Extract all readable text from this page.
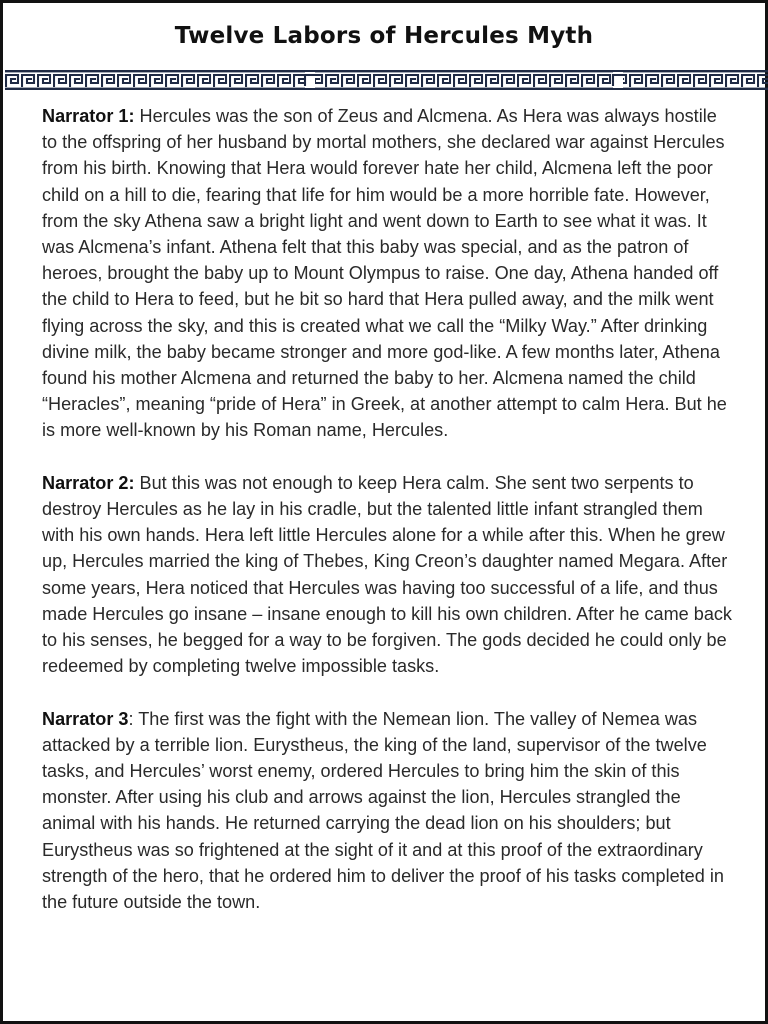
Twelve Labors of Hercules Myth

Narrator 1: Hercules was the son of Zeus and Alcmena. As Hera was always hostile to the offspring of her husband by mortal mothers, she declared war against Hercules from his birth. Knowing that Hera would forever hate her child, Alcmena left the poor child on a hill to die, fearing that life for him would be a more horrible fate. However, from the sky Athena saw a bright light and went down to Earth to see what it was. It was Alcmena’s infant. Athena felt that this baby was special, and as the patron of heroes, brought the baby up to Mount Olympus to raise. One day, Athena handed off the child to Hera to feed, but he bit so hard that Hera pulled away, and the milk went flying across the sky, and this is created what we call the “Milky Way.” After drinking divine milk, the baby became stronger and more god-like. A few months later, Athena found his mother Alcmena and returned the baby to her. Alcmena named the child “Heracles”, meaning “pride of Hera” in Greek, at another attempt to calm Hera. But he is more well-known by his Roman name, Hercules.

Narrator 2: But this was not enough to keep Hera calm. She sent two serpents to destroy Hercules as he lay in his cradle, but the talented little infant strangled them with his own hands. Hera left little Hercules alone for a while after this. When he grew up, Hercules married the king of Thebes, King Creon’s daughter named Megara. After some years, Hera noticed that Hercules was having too successful of a life, and thus made Hercules go insane – insane enough to kill his own children. After he came back to his senses, he begged for a way to be forgiven. The gods decided he could only be redeemed by completing twelve impossible tasks.

Narrator 3: The first was the fight with the Nemean lion. The valley of Nemea was attacked by a terrible lion. Eurystheus, the king of the land, supervisor of the twelve tasks, and Hercules’ worst enemy, ordered Hercules to bring him the skin of this monster. After using his club and arrows against the lion, Hercules strangled the animal with his hands. He returned carrying the dead lion on his shoulders; but Eurystheus was so frightened at the sight of it and at this proof of the extraordinary strength of the hero, that he ordered him to deliver the proof of his tasks completed in the future outside the town.
